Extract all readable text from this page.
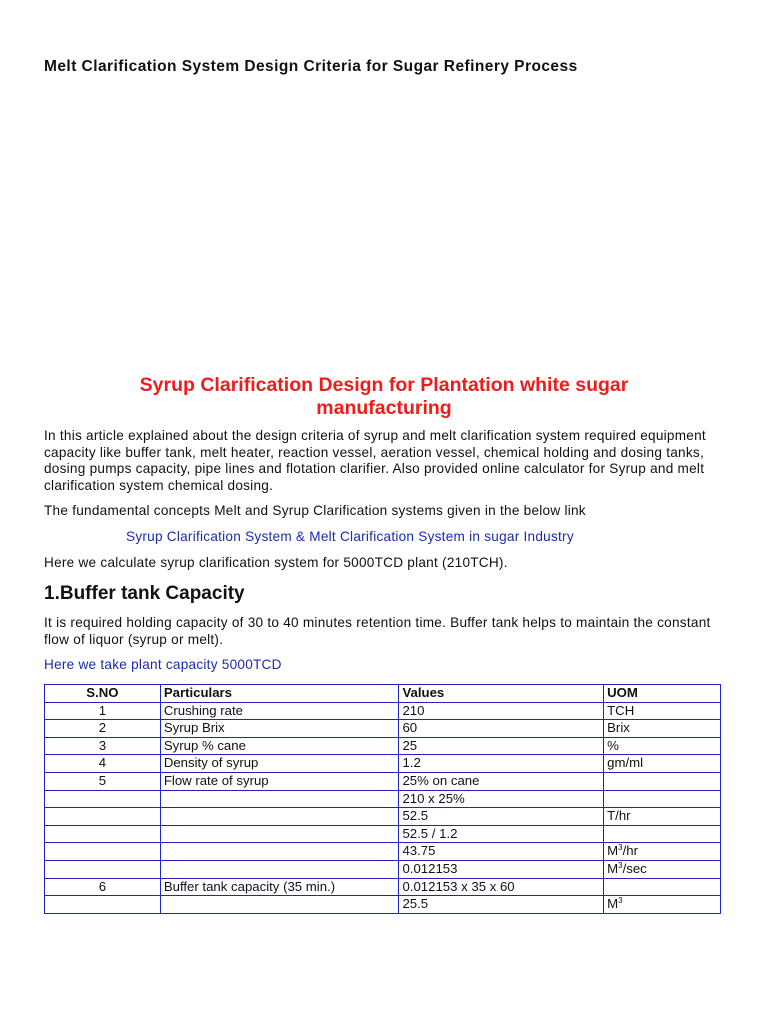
Melt Clarification System Design Criteria for Sugar Refinery Process
Syrup Clarification Design for Plantation white sugar manufacturing
In this article explained about the design criteria of syrup and melt clarification system required equipment capacity like buffer tank, melt heater, reaction vessel, aeration vessel, chemical holding and dosing tanks, dosing pumps capacity, pipe lines and flotation clarifier. Also provided online calculator for Syrup and melt clarification system chemical dosing.
The fundamental concepts Melt and Syrup Clarification systems given in the below link
Syrup Clarification System & Melt Clarification System in sugar Industry
Here we calculate syrup clarification system for 5000TCD plant (210TCH).
1.Buffer tank Capacity
It is required holding capacity of 30 to 40 minutes retention time. Buffer tank helps to maintain the constant flow of liquor (syrup or melt).
Here we take plant capacity 5000TCD
S.NO	Particulars	Values	UOM
1	Crushing rate	210	TCH
2	Syrup Brix	60	Brix
3	Syrup % cane	25	%
4	Density of syrup	1.2	gm/ml
5	Flow rate of syrup	25% on cane	
		210 x 25%	
		52.5	T/hr
		52.5 / 1.2	
		43.75	$M^3/hr$
		0.012153	$M^3/\sec$
6	Buffer tank capacity (35 min.)	0.012153 x 35 x 60	
		25.5	$M^3$
